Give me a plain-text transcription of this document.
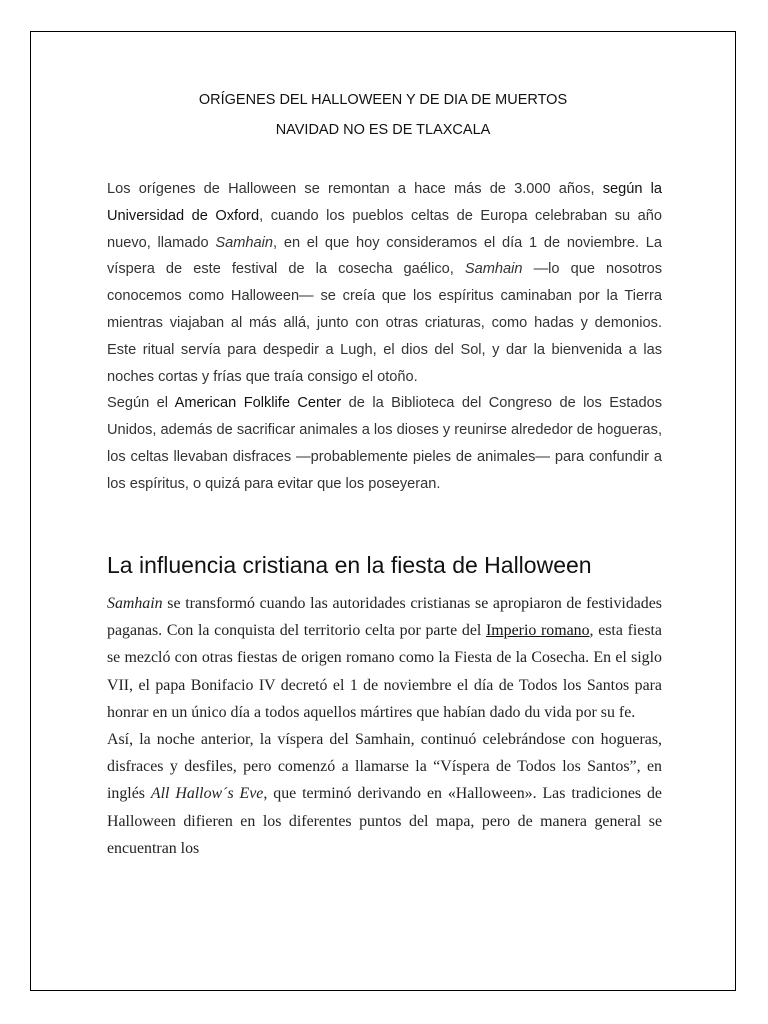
ORÍGENES DEL HALLOWEEN Y DE DIA DE MUERTOS
NAVIDAD NO ES DE TLAXCALA

Los orígenes de Halloween se remontan a hace más de 3.000 años, según la Universidad de Oxford, cuando los pueblos celtas de Europa celebraban su año nuevo, llamado Samhain, en el que hoy consideramos el día 1 de noviembre. La víspera de este festival de la cosecha gaélico, Samhain —lo que nosotros conocemos como Halloween— se creía que los espíritus caminaban por la Tierra mientras viajaban al más allá, junto con otras criaturas, como hadas y demonios. Este ritual servía para despedir a Lugh, el dios del Sol, y dar la bienvenida a las noches cortas y frías que traía consigo el otoño.

Según el American Folklife Center de la Biblioteca del Congreso de los Estados Unidos, además de sacrificar animales a los dioses y reunirse alrededor de hogueras, los celtas llevaban disfraces —probablemente pieles de animales— para confundir a los espíritus, o quizá para evitar que los poseyeran.

La influencia cristiana en la fiesta de Halloween

Samhain se transformó cuando las autoridades cristianas se apropiaron de festividades paganas. Con la conquista del territorio celta por parte del Imperio romano, esta fiesta se mezcló con otras fiestas de origen romano como la Fiesta de la Cosecha. En el siglo VII, el papa Bonifacio IV decretó el 1 de noviembre el día de Todos los Santos para honrar en un único día a todos aquellos mártires que habían dado du vida por su fe.

Así, la noche anterior, la víspera del Samhain, continuó celebrándose con hogueras, disfraces y desfiles, pero comenzó a llamarse la “Víspera de Todos los Santos”, en inglés All Hallow´s Eve, que terminó derivando en «Halloween». Las tradiciones de Halloween difieren en los diferentes puntos del mapa, pero de manera general se encuentran los
